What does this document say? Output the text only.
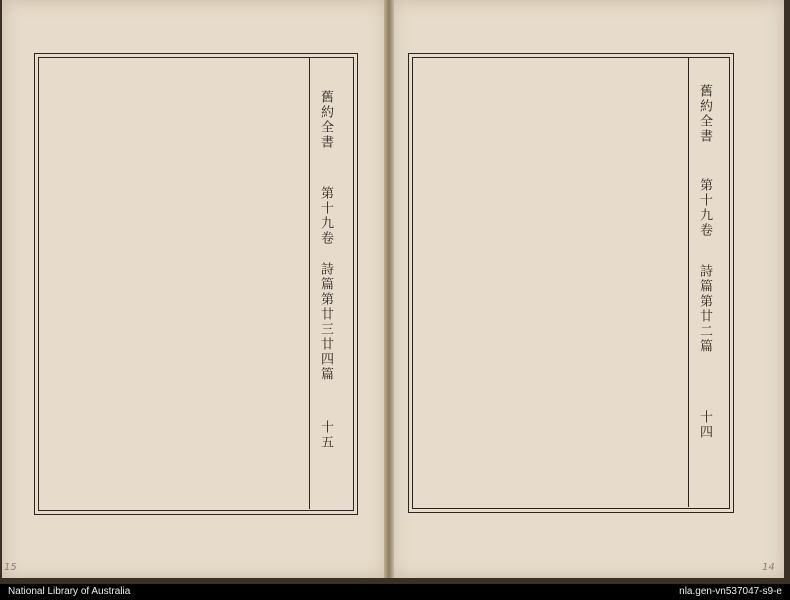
舊約全書
第十九卷
詩篇第廿三廿四篇
十五
15
舊約全書
第十九卷
詩篇第廿二篇
十四
14
National Library of Australia	nla.gen-vn537047-s9-e
